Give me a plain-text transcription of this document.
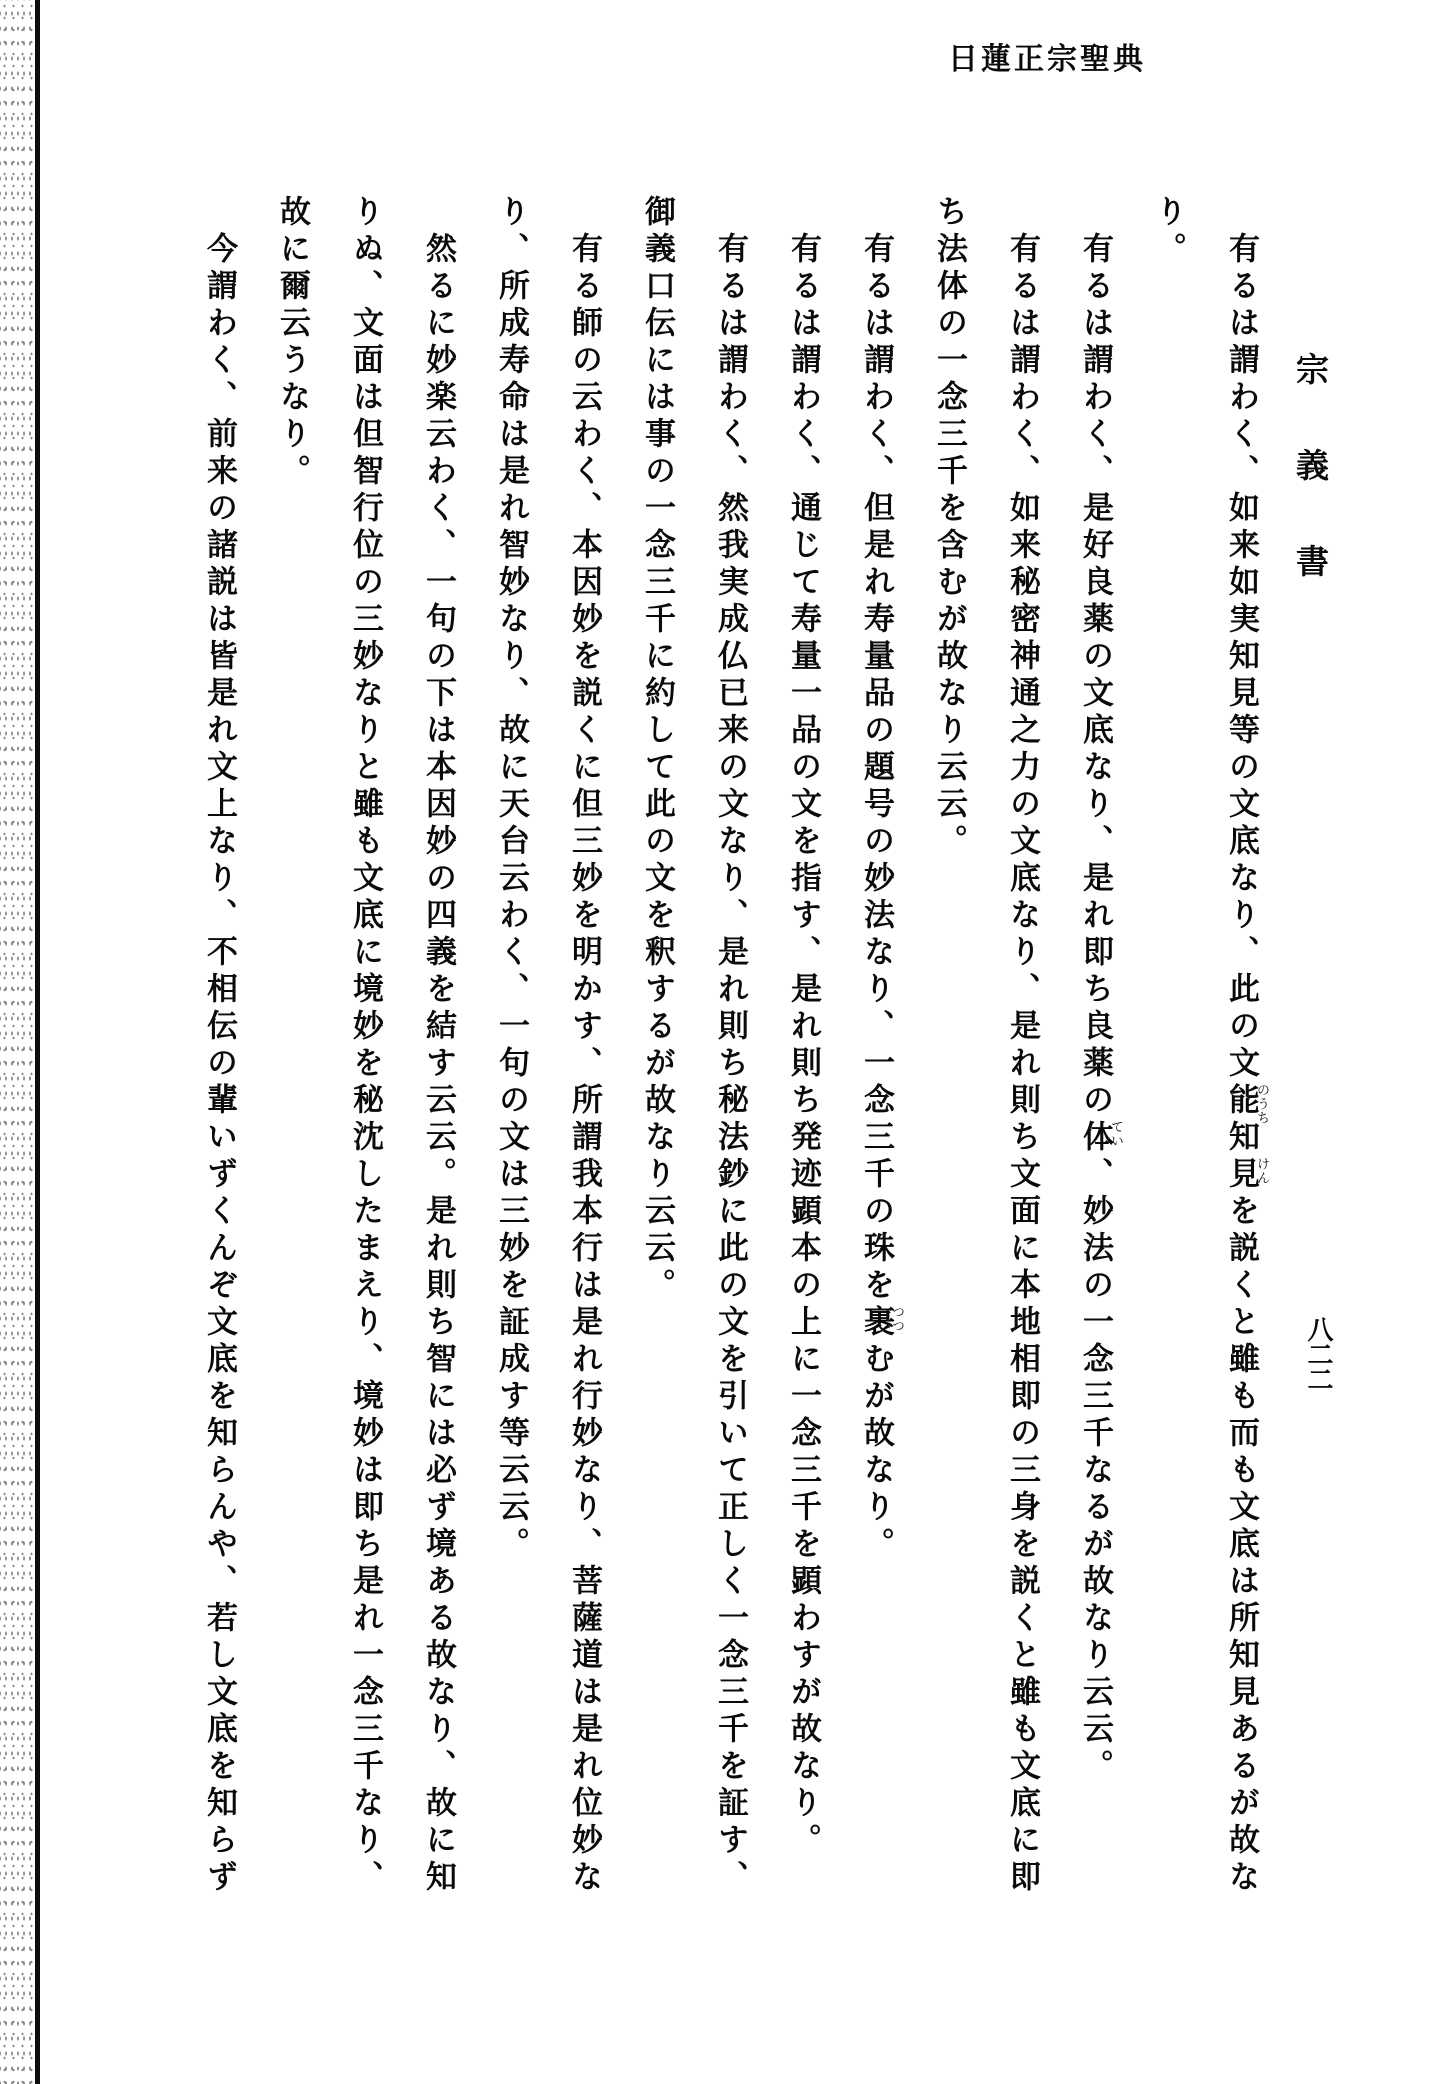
日蓮正宗聖典
宗義書
八二二
有るは謂わく、如来如実知見等の文底なり、此の文能知見を説くと雖も而も文底は所知見あるが故な
のうち
けん
り。
有るは謂わく、是好良薬の文底なり、是れ即ち良薬の体、妙法の一念三千なるが故なり云云。
てい
有るは謂わく、如来秘密神通之力の文底なり、是れ則ち文面に本地相即の三身を説くと雖も文底に即
ち法体の一念三千を含むが故なり云云。
有るは謂わく、但是れ寿量品の題号の妙法なり、一念三千の珠を裹むが故なり。
つつ
有るは謂わく、通じて寿量一品の文を指す、是れ則ち発迹顕本の上に一念三千を顕わすが故なり。
有るは謂わく、然我実成仏已来の文なり、是れ則ち秘法鈔に此の文を引いて正しく一念三千を証す、
御義口伝には事の一念三千に約して此の文を釈するが故なり云云。
有る師の云わく、本因妙を説くに但三妙を明かす、所謂我本行は是れ行妙なり、菩薩道は是れ位妙な
り、所成寿命は是れ智妙なり、故に天台云わく、一句の文は三妙を証成す等云云。
然るに妙楽云わく、一句の下は本因妙の四義を結す云云。是れ則ち智には必ず境ある故なり、故に知
りぬ、文面は但智行位の三妙なりと雖も文底に境妙を秘沈したまえり、境妙は即ち是れ一念三千なり、
故に爾云うなり。
今謂わく、前来の諸説は皆是れ文上なり、不相伝の輩いずくんぞ文底を知らんや、若し文底を知らず
